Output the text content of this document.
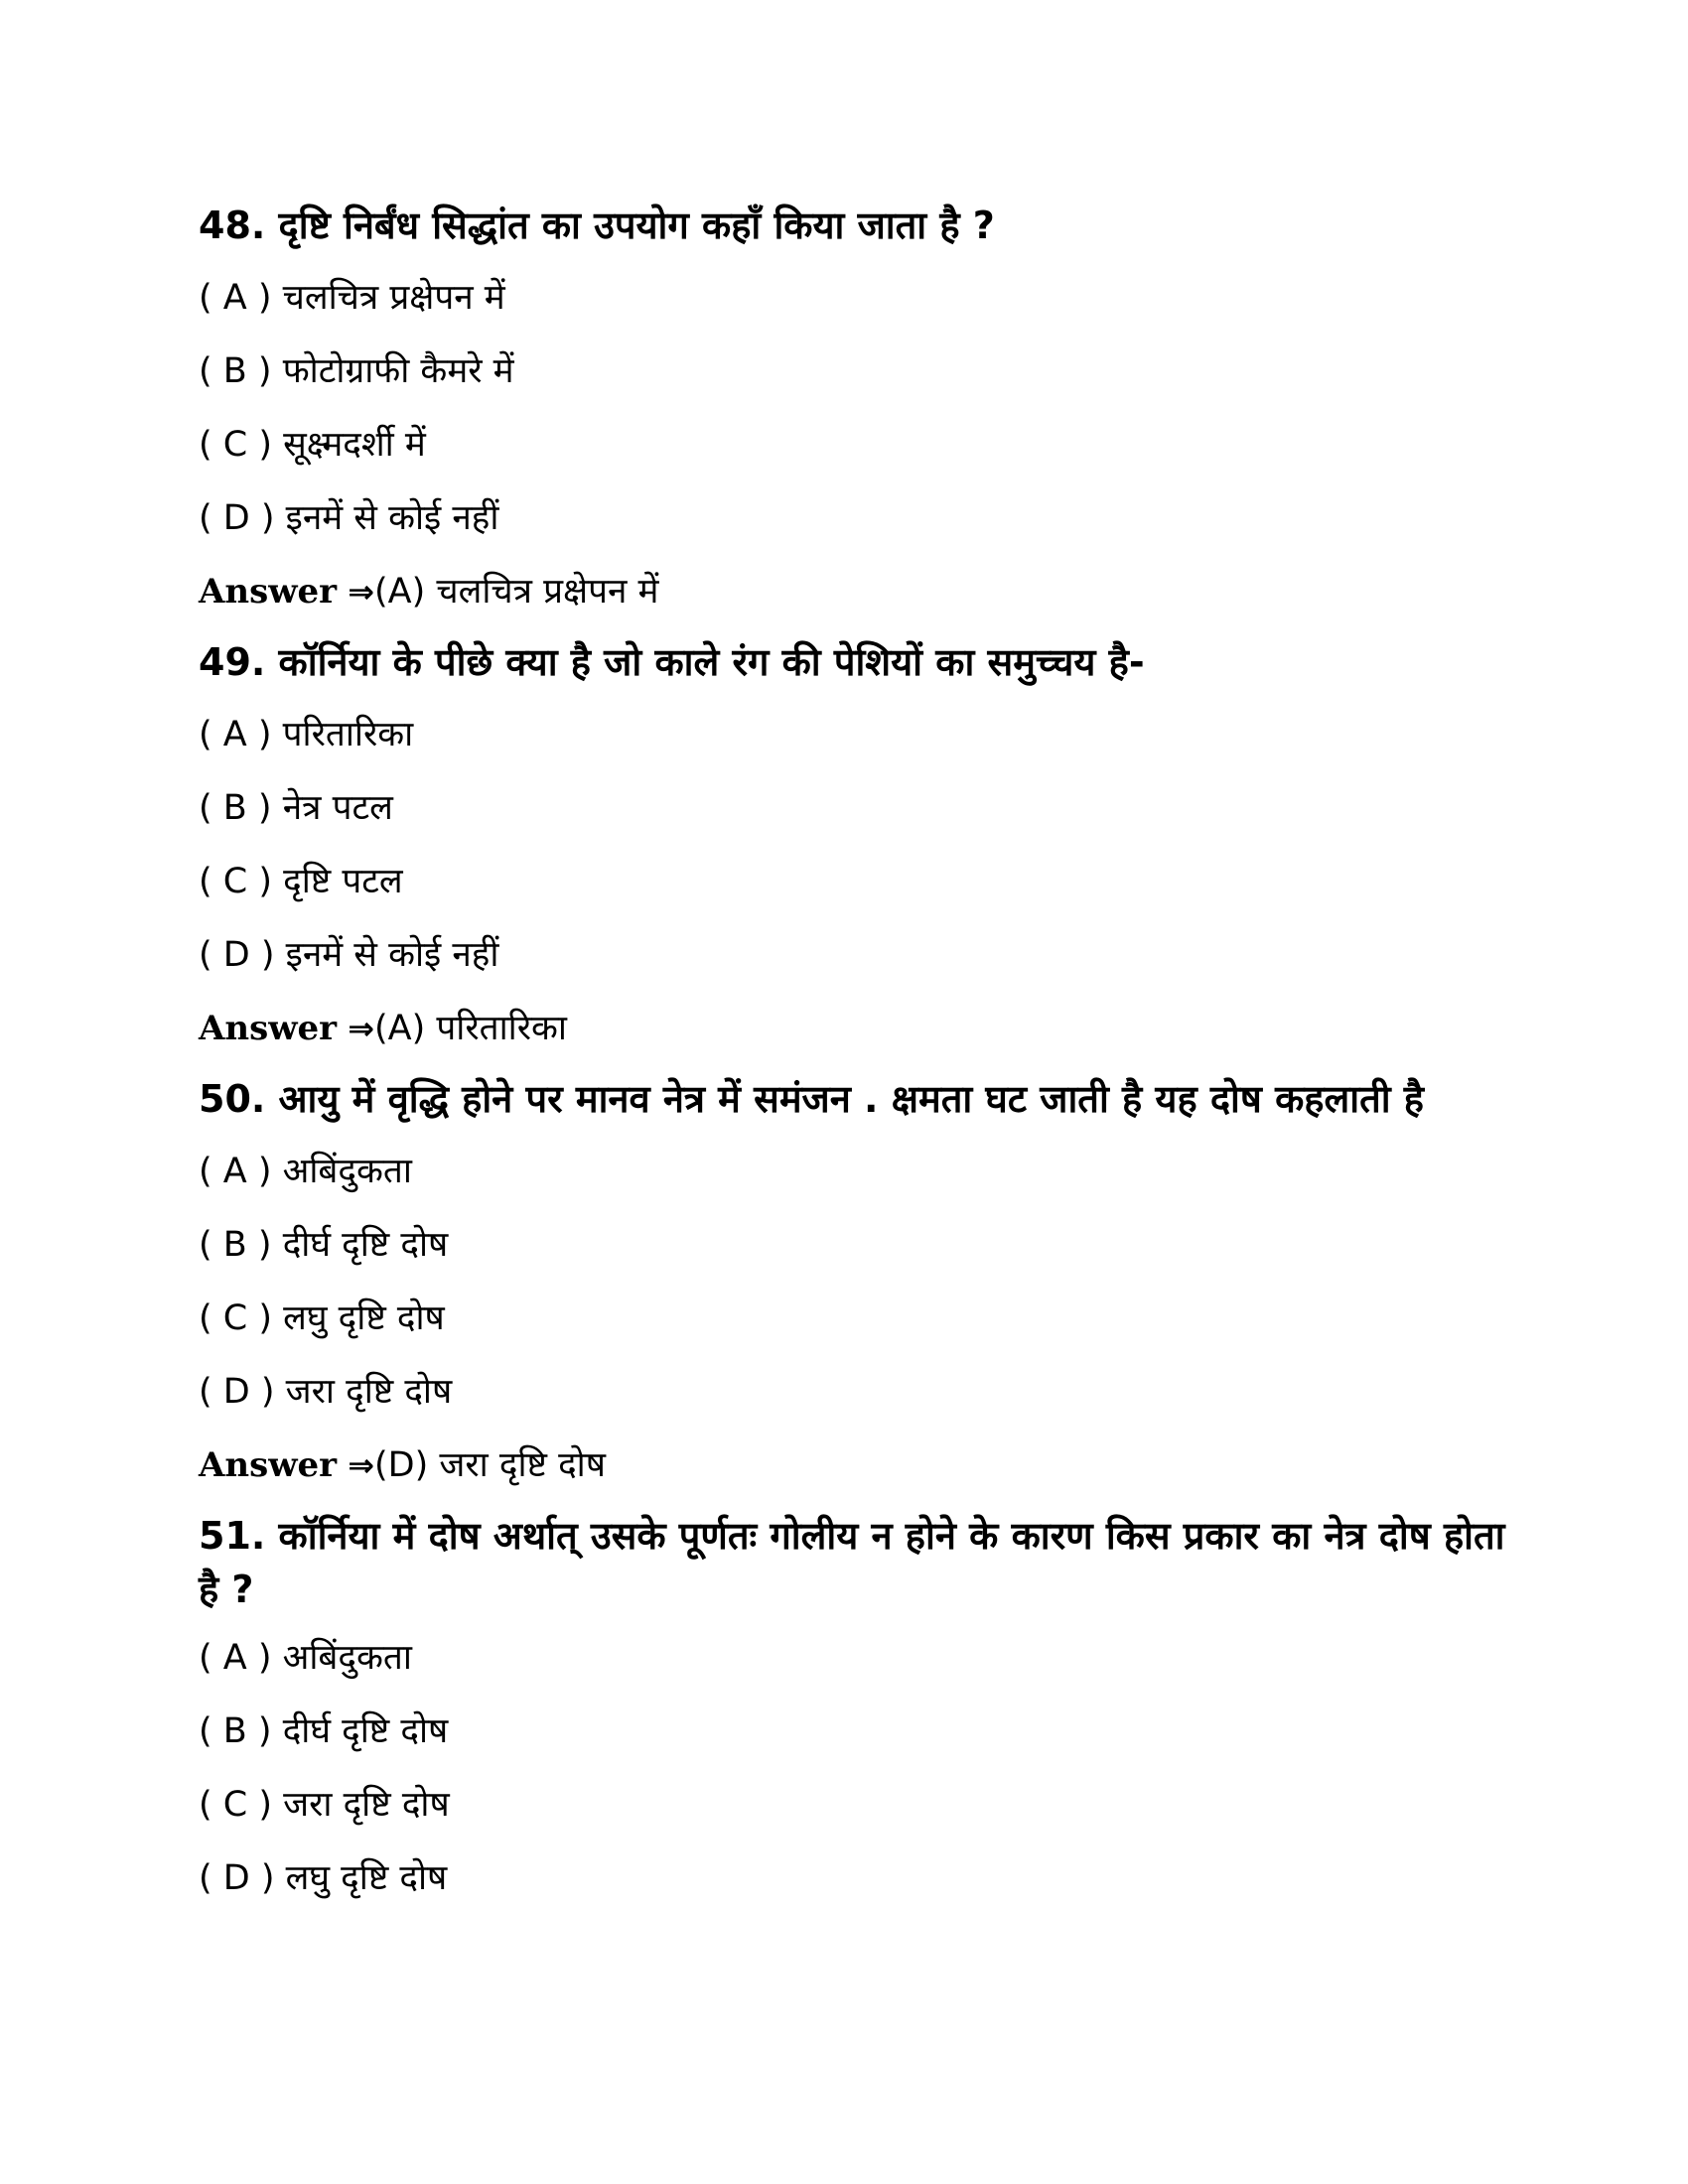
48. दृष्टि निर्बंध सिद्धांत का उपयोग कहाँ किया जाता है ?

( A ) चलचित्र प्रक्षेपन में

( B ) फोटोग्राफी कैमरे में

( C ) सूक्ष्मदर्शी में

( D ) इनमें से कोई नहीं

Answer ⇒(A) चलचित्र प्रक्षेपन में

49. कॉर्निया के पीछे क्या है जो काले रंग की पेशियों का समुच्चय है-

( A ) परितारिका

( B ) नेत्र पटल

( C ) दृष्टि पटल

( D ) इनमें से कोई नहीं

Answer ⇒(A) परितारिका

50. आयु में वृद्धि होने पर मानव नेत्र में समंजन . क्षमता घट जाती है यह दोष कहलाती है

( A ) अबिंदुकता

( B ) दीर्घ दृष्टि दोष

( C ) लघु दृष्टि दोष

( D ) जरा दृष्टि दोष

Answer ⇒(D) जरा दृष्टि दोष

51. कॉर्निया में दोष अर्थात् उसके पूर्णतः गोलीय न होने के कारण किस प्रकार का नेत्र दोष होता है ?

( A ) अबिंदुकता

( B ) दीर्घ दृष्टि दोष

( C ) जरा दृष्टि दोष

( D ) लघु दृष्टि दोष
